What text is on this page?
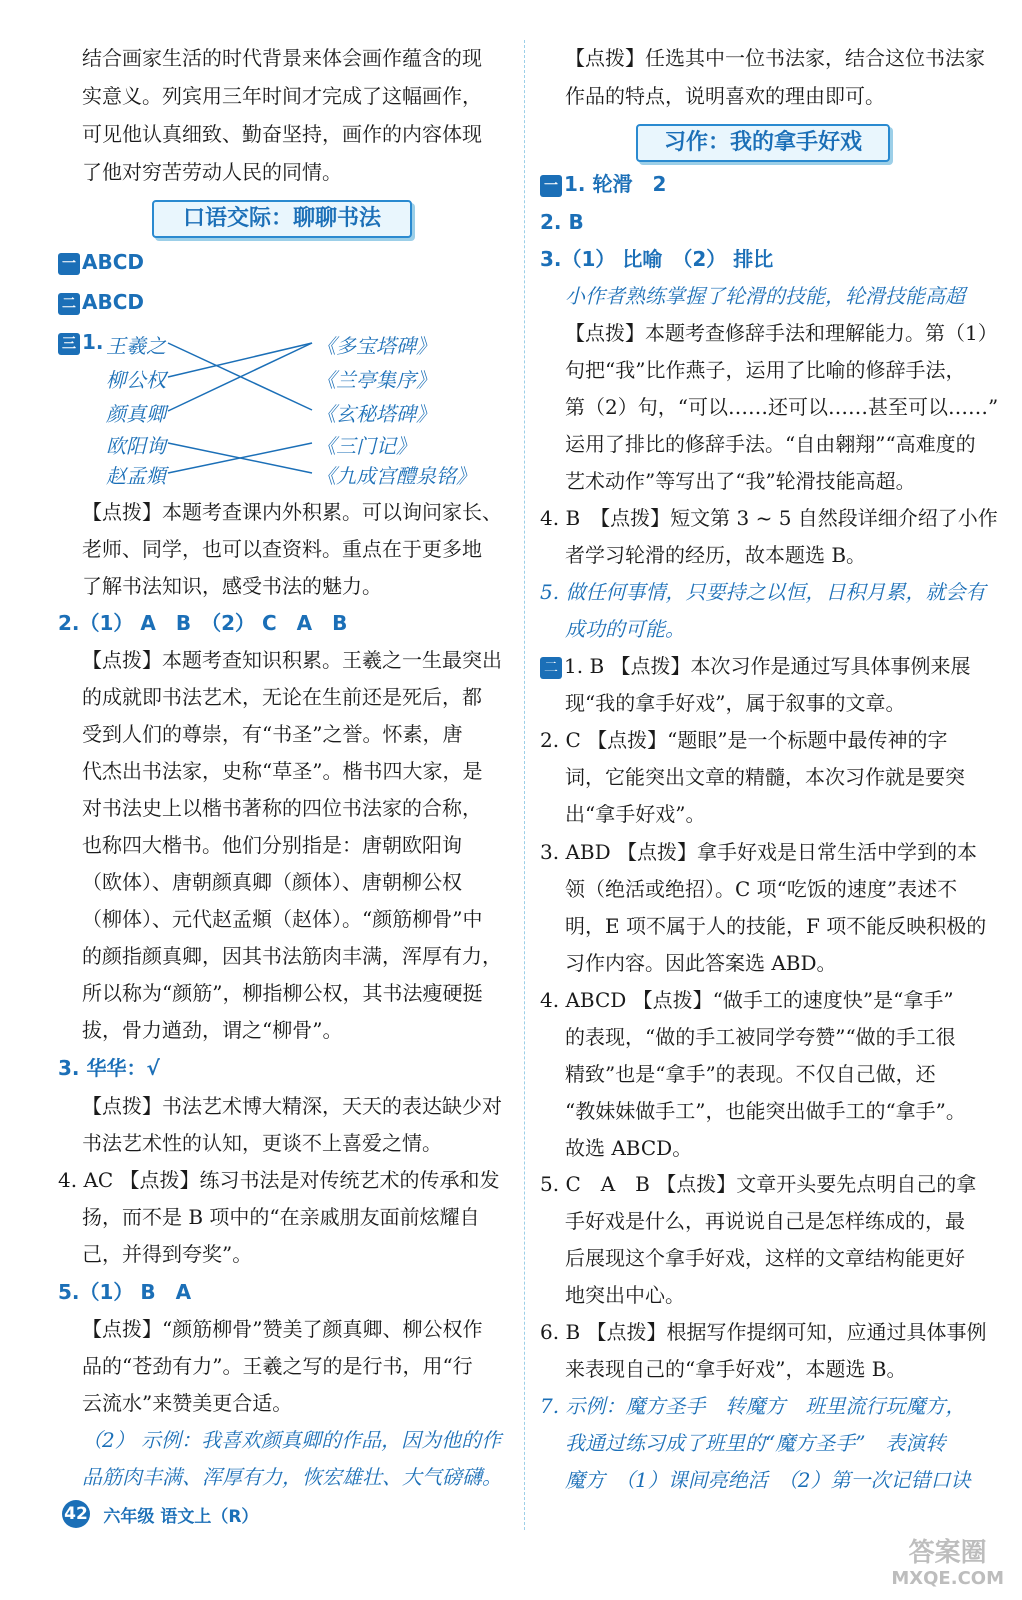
结合画家生活的时代背景来体会画作蕴含的现
实意义。列宾用三年时间才完成了这幅画作，
可见他认真细致、勤奋坚持，画作的内容体现
了他对穷苦劳动人民的同情。
口语交际：聊聊书法
一 ABCD
二 ABCD
三 1. 王羲之
柳公权
颜真卿
欧阳询
赵孟頫
《多宝塔碑》
《兰亭集序》
《玄秘塔碑》
《三门记》
《九成宫醴泉铭》
【点拨】本题考查课内外积累。可以询问家长、
老师、同学，也可以查资料。重点在于更多地
了解书法知识，感受书法的魅力。
2.（1） A　B　（2） C　A　B
【点拨】本题考查知识积累。王羲之一生最突出
的成就即书法艺术，无论在生前还是死后，都
受到人们的尊崇，有“书圣”之誉。怀素，唐
代杰出书法家，史称“草圣”。楷书四大家，是
对书法史上以楷书著称的四位书法家的合称，
也称四大楷书。他们分别指是：唐朝欧阳询
（欧体）、唐朝颜真卿（颜体）、唐朝柳公权
（柳体）、元代赵孟頫（赵体）。“颜筋柳骨”中
的颜指颜真卿，因其书法筋肉丰满，浑厚有力，
所以称为“颜筋”，柳指柳公权，其书法瘦硬挺
拔，骨力遒劲，谓之“柳骨”。
3. 华华：√
【点拨】书法艺术博大精深，天天的表达缺少对
书法艺术性的认知，更谈不上喜爱之情。
4. AC 【点拨】练习书法是对传统艺术的传承和发
扬，而不是 B 项中的“在亲戚朋友面前炫耀自
己，并得到夸奖”。
5.（1） B　A
【点拨】“颜筋柳骨”赞美了颜真卿、柳公权作
品的“苍劲有力”。王羲之写的是行书，用“行
云流水”来赞美更合适。
（2） 示例：我喜欢颜真卿的作品，因为他的作
品筋肉丰满、浑厚有力，恢宏雄壮、大气磅礴。
【点拨】任选其中一位书法家，结合这位书法家
作品的特点，说明喜欢的理由即可。
习作：我的拿手好戏
一 1. 轮滑　2
2. B
3.（1） 比喻　（2） 排比
小作者熟练掌握了轮滑的技能，轮滑技能高超
【点拨】本题考查修辞手法和理解能力。第（1）
句把“我”比作燕子，运用了比喻的修辞手法，
第（2）句，“可以……还可以……甚至可以……”
运用了排比的修辞手法。“自由翱翔”“高难度的
艺术动作”等写出了“我”轮滑技能高超。
4. B　【点拨】短文第 3 ~ 5 自然段详细介绍了小作
者学习轮滑的经历，故本题选 B。
5. 做任何事情，只要持之以恒，日积月累，就会有
成功的可能。
二 1. B 【点拨】本次习作是通过写具体事例来展
现“我的拿手好戏”，属于叙事的文章。
2. C 【点拨】“题眼”是一个标题中最传神的字
词，它能突出文章的精髓，本次习作就是要突
出“拿手好戏”。
3. ABD 【点拨】拿手好戏是日常生活中学到的本
领（绝活或绝招）。C 项“吃饭的速度”表述不
明，E 项不属于人的技能，F 项不能反映积极的
习作内容。因此答案选 ABD。
4. ABCD 【点拨】“做手工的速度快”是“拿手”
的表现，“做的手工被同学夸赞”“做的手工很
精致”也是“拿手”的表现。不仅自己做，还
“教妹妹做手工”，也能突出做手工的“拿手”。
故选 ABCD。
5. C　A　B 【点拨】文章开头要先点明自己的拿
手好戏是什么，再说说自己是怎样练成的，最
后展现这个拿手好戏，这样的文章结构能更好
地突出中心。
6. B 【点拨】根据写作提纲可知，应通过具体事例
来表现自己的“拿手好戏”，本题选 B。
7. 示例：魔方圣手　转魔方　班里流行玩魔方，
我通过练习成了班里的“魔方圣手”　表演转
魔方　（1）课间亮绝活　（2）第一次记错口诀
42 六年级 语文上（R）
答案圈
MXQE.COM
